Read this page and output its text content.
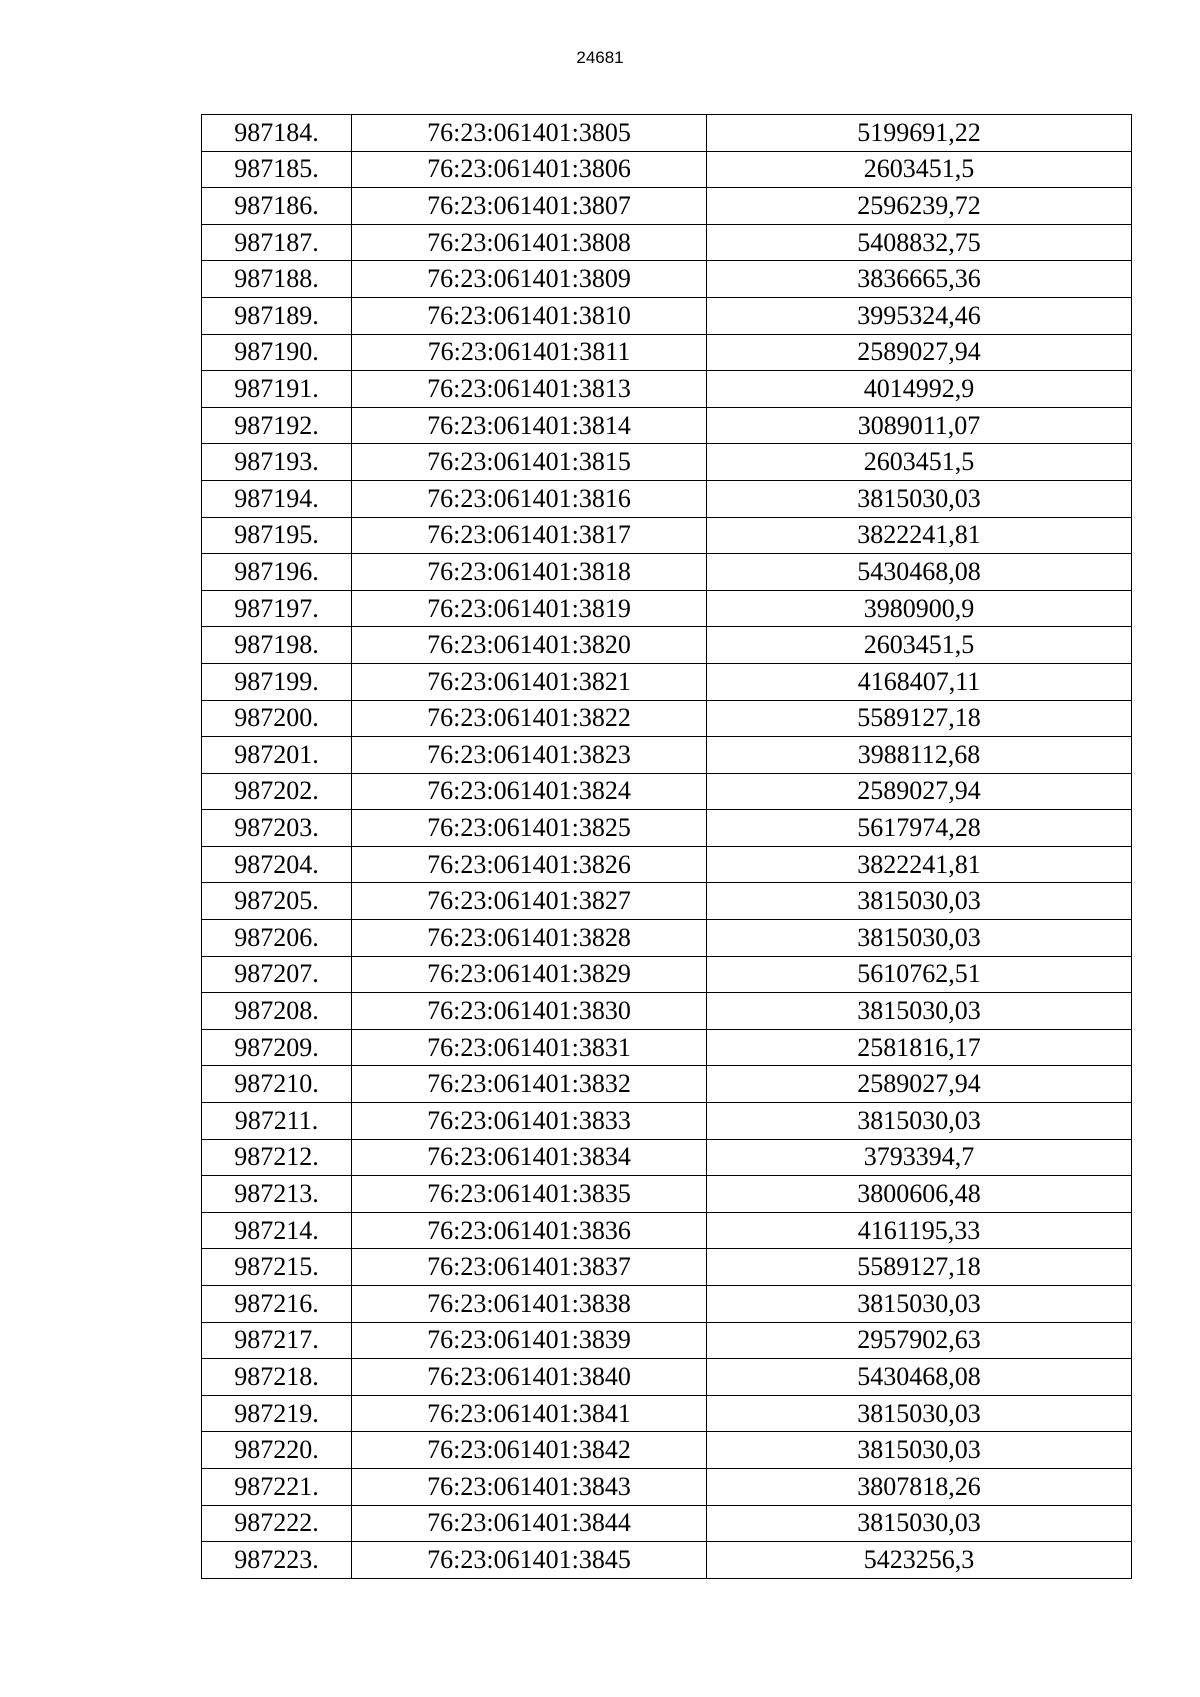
24681
987184.	76:23:061401:3805	5199691,22
987185.	76:23:061401:3806	2603451,5
987186.	76:23:061401:3807	2596239,72
987187.	76:23:061401:3808	5408832,75
987188.	76:23:061401:3809	3836665,36
987189.	76:23:061401:3810	3995324,46
987190.	76:23:061401:3811	2589027,94
987191.	76:23:061401:3813	4014992,9
987192.	76:23:061401:3814	3089011,07
987193.	76:23:061401:3815	2603451,5
987194.	76:23:061401:3816	3815030,03
987195.	76:23:061401:3817	3822241,81
987196.	76:23:061401:3818	5430468,08
987197.	76:23:061401:3819	3980900,9
987198.	76:23:061401:3820	2603451,5
987199.	76:23:061401:3821	4168407,11
987200.	76:23:061401:3822	5589127,18
987201.	76:23:061401:3823	3988112,68
987202.	76:23:061401:3824	2589027,94
987203.	76:23:061401:3825	5617974,28
987204.	76:23:061401:3826	3822241,81
987205.	76:23:061401:3827	3815030,03
987206.	76:23:061401:3828	3815030,03
987207.	76:23:061401:3829	5610762,51
987208.	76:23:061401:3830	3815030,03
987209.	76:23:061401:3831	2581816,17
987210.	76:23:061401:3832	2589027,94
987211.	76:23:061401:3833	3815030,03
987212.	76:23:061401:3834	3793394,7
987213.	76:23:061401:3835	3800606,48
987214.	76:23:061401:3836	4161195,33
987215.	76:23:061401:3837	5589127,18
987216.	76:23:061401:3838	3815030,03
987217.	76:23:061401:3839	2957902,63
987218.	76:23:061401:3840	5430468,08
987219.	76:23:061401:3841	3815030,03
987220.	76:23:061401:3842	3815030,03
987221.	76:23:061401:3843	3807818,26
987222.	76:23:061401:3844	3815030,03
987223.	76:23:061401:3845	5423256,3
